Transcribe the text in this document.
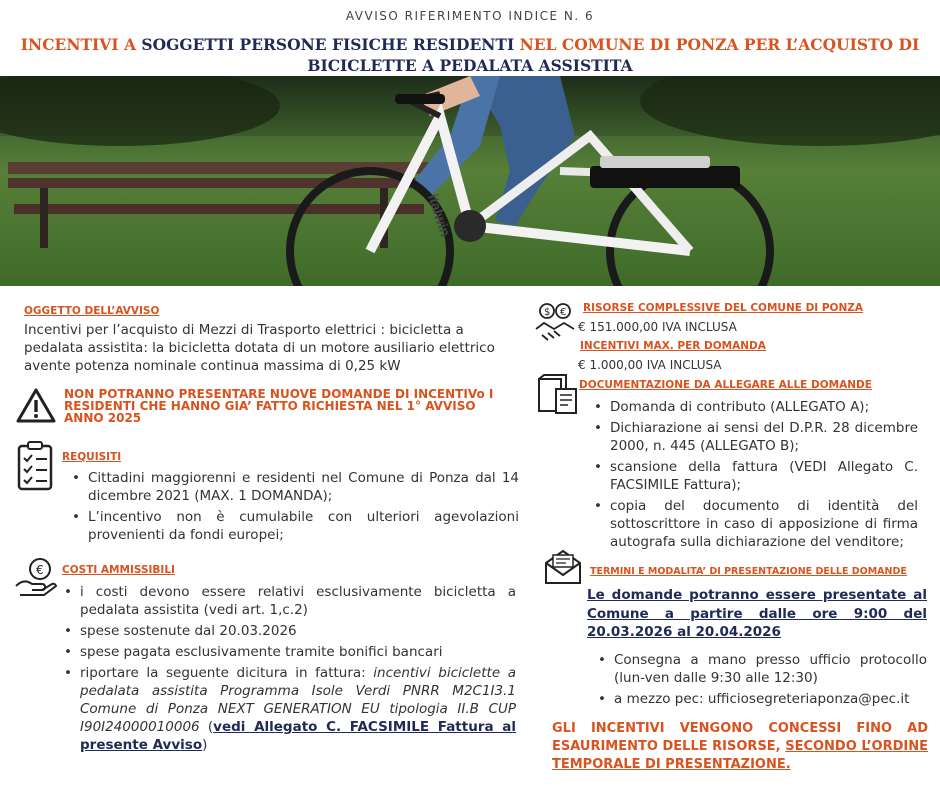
AVVISO RIFERIMENTO INDICE N. 6
INCENTIVI A SOGGETTI PERSONE FISICHE RESIDENTI NEL COMUNE DI PONZA PER L’ACQUISTO DI
BICICLETTE A PEDALATA ASSISTITA
italwin
OGGETTO DELL’AVVISO
Incentivi per l’acquisto di Mezzi di Trasporto elettrici : bicicletta a pedalata assistita: la bicicletta dotata di un motore ausiliario elettrico avente potenza nominale continua massima di 0,25 kW
NON POTRANNO PRESENTARE NUOVE DOMANDE DI INCENTIVo I RESIDENTI CHE HANNO GIA’ FATTO RICHIESTA NEL 1° AVVISO ANNO 2025
REQUISITI
• Cittadini maggiorenni e residenti nel Comune di Ponza dal 14 dicembre 2021 (MAX. 1 DOMANDA);
• L’incentivo non è cumulabile con ulteriori agevolazioni provenienti da fondi europei;
€ COSTI AMMISSIBILI
• i costi devono essere relativi esclusivamente bicicletta a pedalata assistita (vedi art. 1,c.2)
• spese sostenute dal 20.03.2026
• spese pagata esclusivamente tramite bonifici bancari
• riportare la seguente dicitura in fattura: incentivi biciclette a pedalata assistita Programma Isole Verdi PNRR M2C1I3.1 Comune di Ponza NEXT GENERATION EU tipologia II.B CUP I90I24000010006 (vedi Allegato C. FACSIMILE Fattura al presente Avviso)
$ € RISORSE COMPLESSIVE DEL COMUNE DI PONZA
€ 151.000,00 IVA INCLUSA
INCENTIVI MAX. PER DOMANDA
€ 1.000,00 IVA INCLUSA
DOCUMENTAZIONE DA ALLEGARE ALLE DOMANDE
• Domanda di contributo (ALLEGATO A);
• Dichiarazione ai sensi del D.P.R. 28 dicembre 2000, n. 445 (ALLEGATO B);
• scansione della fattura (VEDI Allegato C. FACSIMILE Fattura);
• copia del documento di identità del sottoscrittore in caso di apposizione di firma autografa sulla dichiarazione del venditore;
TERMINI E MODALITA’ DI PRESENTAZIONE DELLE DOMANDE
Le domande potranno essere presentate al Comune a partire dalle ore 9:00 del 20.03.2026 al 20.04.2026
• Consegna a mano presso ufficio protocollo (lun-ven dalle 9:30 alle 12:30)
• a mezzo pec: ufficiosegreteriaponza@pec.it
GLI INCENTIVI VENGONO CONCESSI FINO AD ESAURIMENTO DELLE RISORSE, SECONDO L’ORDINE TEMPORALE DI PRESENTAZIONE.
